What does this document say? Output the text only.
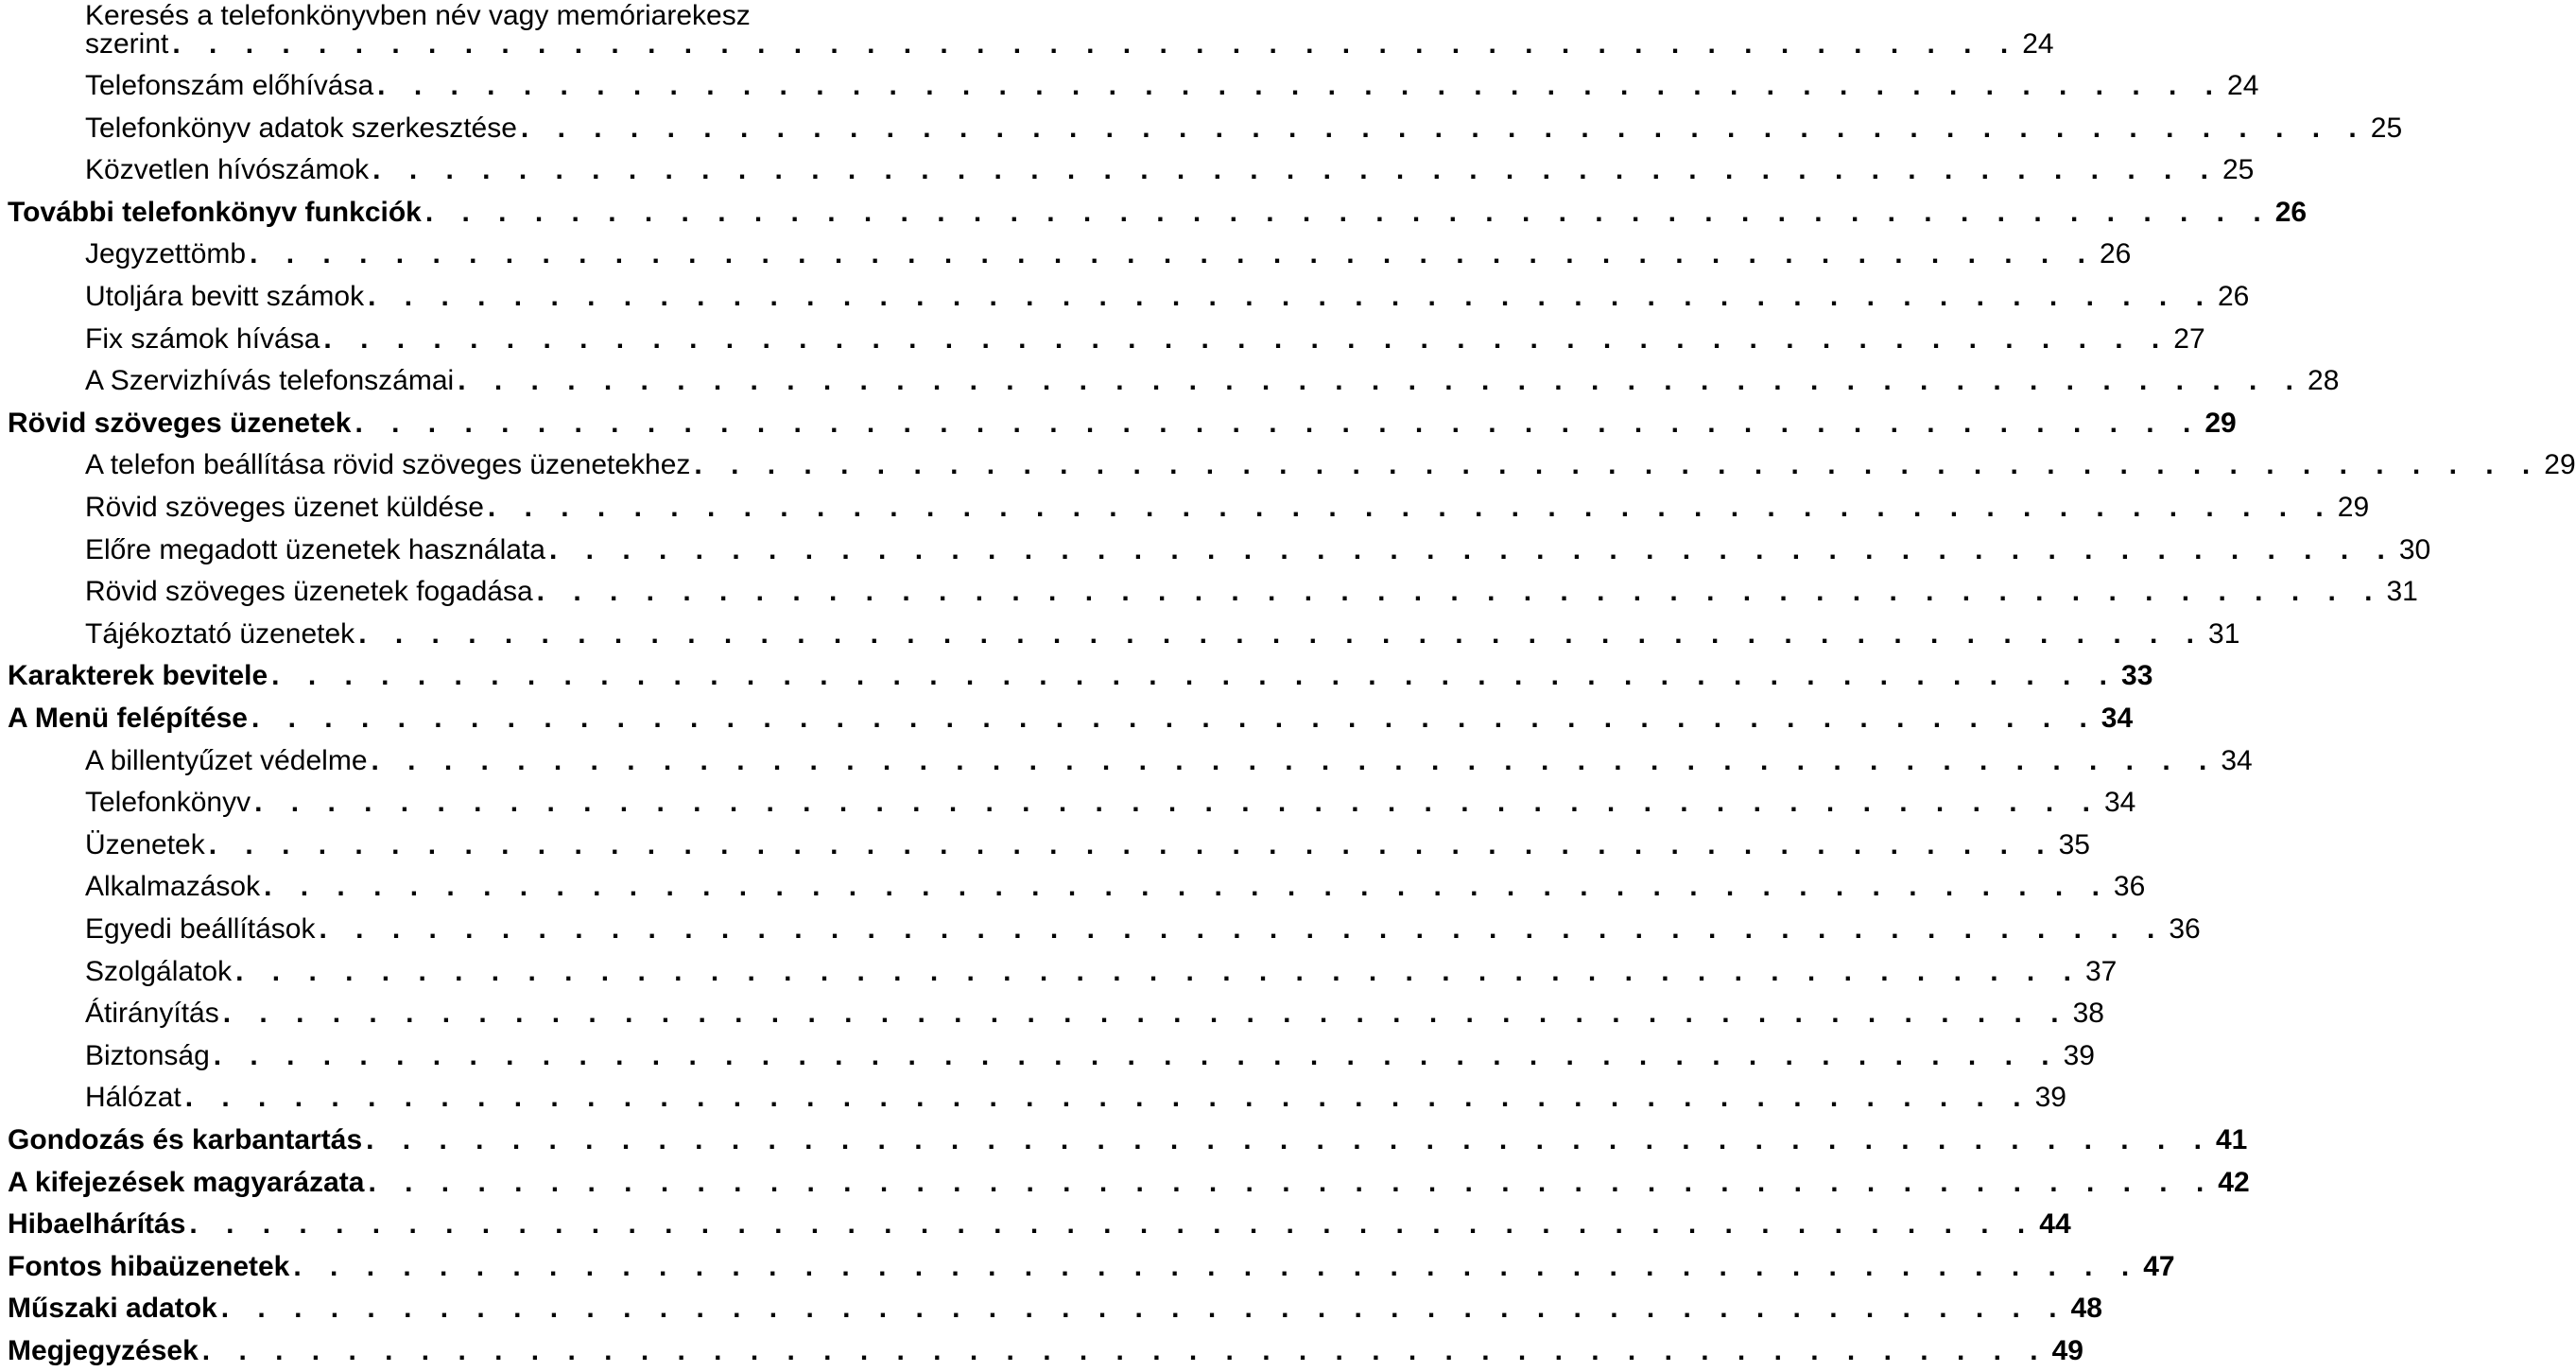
Keresés a telefonkönyvben név vagy memóriarekesz
szerint . . . . . . . . . . . . . . . . . . . . . . . . . . . . . . . . . . . . . . . . . . . . . . . . . . . 24
Telefonszám előhívása . . . . . . . . . . . . . . . . . . . . . . . . . . . . . . . . . . . . . . . . . . . . . . . . . . . 24
Telefonkönyv adatok szerkesztése . . . . . . . . . . . . . . . . . . . . . . . . . . . . . . . . . . . . . . . . . . . . . . . . . . . 25
Közvetlen hívószámok . . . . . . . . . . . . . . . . . . . . . . . . . . . . . . . . . . . . . . . . . . . . . . . . . . . 25
További telefonkönyv funkciók . . . . . . . . . . . . . . . . . . . . . . . . . . . . . . . . . . . . . . . . . . . . . . . . . . . 26
Jegyzettömb . . . . . . . . . . . . . . . . . . . . . . . . . . . . . . . . . . . . . . . . . . . . . . . . . . . 26
Utoljára bevitt számok . . . . . . . . . . . . . . . . . . . . . . . . . . . . . . . . . . . . . . . . . . . . . . . . . . . 26
Fix számok hívása . . . . . . . . . . . . . . . . . . . . . . . . . . . . . . . . . . . . . . . . . . . . . . . . . . . 27
A Szervizhívás telefonszámai . . . . . . . . . . . . . . . . . . . . . . . . . . . . . . . . . . . . . . . . . . . . . . . . . . . 28
Rövid szöveges üzenetek . . . . . . . . . . . . . . . . . . . . . . . . . . . . . . . . . . . . . . . . . . . . . . . . . . . 29
A telefon beállítása rövid szöveges üzenetekhez . . . . . . . . . . . . . . . . . . . . . . . . . . . . . . . . . . . . . . . . . . . . . . . . . . . 29
Rövid szöveges üzenet küldése . . . . . . . . . . . . . . . . . . . . . . . . . . . . . . . . . . . . . . . . . . . . . . . . . . . 29
Előre megadott üzenetek használata . . . . . . . . . . . . . . . . . . . . . . . . . . . . . . . . . . . . . . . . . . . . . . . . . . . 30
Rövid szöveges üzenetek fogadása . . . . . . . . . . . . . . . . . . . . . . . . . . . . . . . . . . . . . . . . . . . . . . . . . . . 31
Tájékoztató üzenetek . . . . . . . . . . . . . . . . . . . . . . . . . . . . . . . . . . . . . . . . . . . . . . . . . . . 31
Karakterek bevitele . . . . . . . . . . . . . . . . . . . . . . . . . . . . . . . . . . . . . . . . . . . . . . . . . . . 33
A Menü felépítése . . . . . . . . . . . . . . . . . . . . . . . . . . . . . . . . . . . . . . . . . . . . . . . . . . . 34
A billentyűzet védelme . . . . . . . . . . . . . . . . . . . . . . . . . . . . . . . . . . . . . . . . . . . . . . . . . . . 34
Telefonkönyv . . . . . . . . . . . . . . . . . . . . . . . . . . . . . . . . . . . . . . . . . . . . . . . . . . . 34
Üzenetek . . . . . . . . . . . . . . . . . . . . . . . . . . . . . . . . . . . . . . . . . . . . . . . . . . . 35
Alkalmazások . . . . . . . . . . . . . . . . . . . . . . . . . . . . . . . . . . . . . . . . . . . . . . . . . . . 36
Egyedi beállítások . . . . . . . . . . . . . . . . . . . . . . . . . . . . . . . . . . . . . . . . . . . . . . . . . . . 36
Szolgálatok . . . . . . . . . . . . . . . . . . . . . . . . . . . . . . . . . . . . . . . . . . . . . . . . . . . 37
Átirányítás . . . . . . . . . . . . . . . . . . . . . . . . . . . . . . . . . . . . . . . . . . . . . . . . . . . 38
Biztonság . . . . . . . . . . . . . . . . . . . . . . . . . . . . . . . . . . . . . . . . . . . . . . . . . . . 39
Hálózat . . . . . . . . . . . . . . . . . . . . . . . . . . . . . . . . . . . . . . . . . . . . . . . . . . . 39
Gondozás és karbantartás . . . . . . . . . . . . . . . . . . . . . . . . . . . . . . . . . . . . . . . . . . . . . . . . . . . 41
A kifejezések magyarázata . . . . . . . . . . . . . . . . . . . . . . . . . . . . . . . . . . . . . . . . . . . . . . . . . . . 42
Hibaelhárítás . . . . . . . . . . . . . . . . . . . . . . . . . . . . . . . . . . . . . . . . . . . . . . . . . . . 44
Fontos hibaüzenetek . . . . . . . . . . . . . . . . . . . . . . . . . . . . . . . . . . . . . . . . . . . . . . . . . . . 47
Műszaki adatok . . . . . . . . . . . . . . . . . . . . . . . . . . . . . . . . . . . . . . . . . . . . . . . . . . . 48
Megjegyzések . . . . . . . . . . . . . . . . . . . . . . . . . . . . . . . . . . . . . . . . . . . . . . . . . . . 49
